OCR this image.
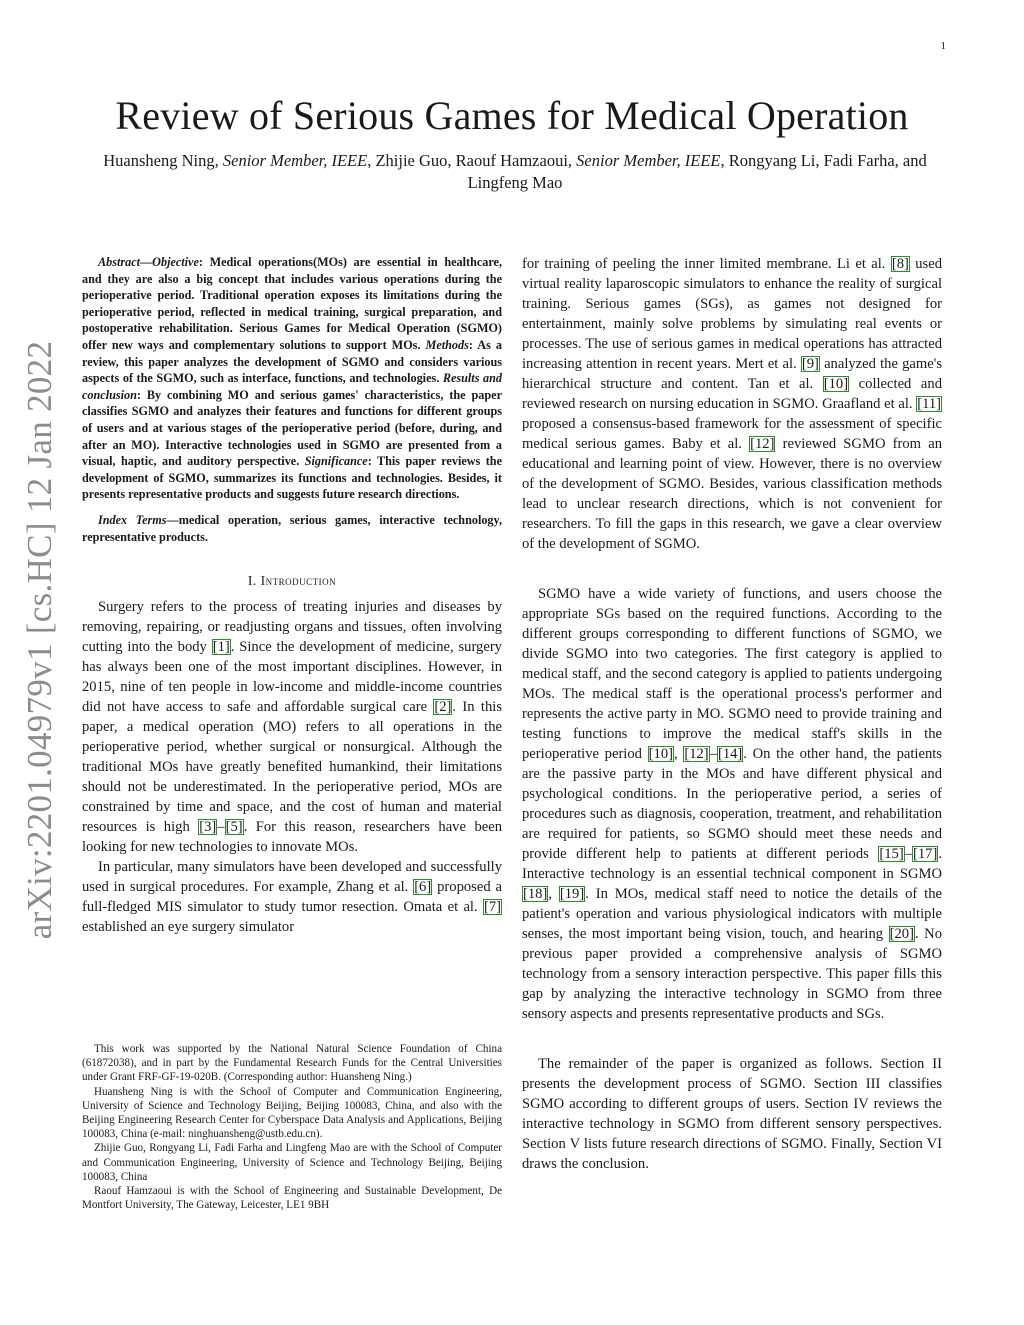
1
arXiv:2201.04979v1 [cs.HC] 12 Jan 2022
Review of Serious Games for Medical Operation

Huansheng Ning, Senior Member, IEEE, Zhijie Guo, Raouf Hamzaoui, Senior Member, IEEE, Rongyang Li, Fadi Farha, and Lingfeng Mao

Abstract—Objective: Medical operations(MOs) are essential in healthcare, and they are also a big concept that includes various operations during the perioperative period. Traditional operation exposes its limitations during the perioperative period, reflected in medical training, surgical preparation, and postoperative rehabilitation. Serious Games for Medical Operation (SGMO) offer new ways and complementary solutions to support MOs. Methods: As a review, this paper analyzes the development of SGMO and considers various aspects of the SGMO, such as interface, functions, and technologies. Results and conclusion: By combining MO and serious games' characteristics, the paper classifies SGMO and analyzes their features and functions for different groups of users and at various stages of the perioperative period (before, during, and after an MO). Interactive technologies used in SGMO are presented from a visual, haptic, and auditory perspective. Significance: This paper reviews the development of SGMO, summarizes its functions and technologies. Besides, it presents representative products and suggests future research directions.

Index Terms—medical operation, serious games, interactive technology, representative products.

I. Introduction

Surgery refers to the process of treating injuries and diseases by removing, repairing, or readjusting organs and tissues, often involving cutting into the body [1]. Since the development of medicine, surgery has always been one of the most important disciplines. However, in 2015, nine of ten people in low-income and middle-income countries did not have access to safe and affordable surgical care [2]. In this paper, a medical operation (MO) refers to all operations in the perioperative period, whether surgical or nonsurgical. Although the traditional MOs have greatly benefited humankind, their limitations should not be underestimated. In the perioperative period, MOs are constrained by time and space, and the cost of human and material resources is high [3]–[5]. For this reason, researchers have been looking for new technologies to innovate MOs.

In particular, many simulators have been developed and successfully used in surgical procedures. For example, Zhang et al. [6] proposed a full-fledged MIS simulator to study tumor resection. Omata et al. [7] established an eye surgery simulator

This work was supported by the National Natural Science Foundation of China (61872038), and in part by the Fundamental Research Funds for the Central Universities under Grant FRF-GF-19-020B. (Corresponding author: Huansheng Ning.)

Huansheng Ning is with the School of Computer and Communication Engineering, University of Science and Technology Beijing, Beijing 100083, China, and also with the Beijing Engineering Research Center for Cyberspace Data Analysis and Applications, Beijing 100083, China (e-mail: ninghuansheng@ustb.edu.cn).

Zhijie Guo, Rongyang Li, Fadi Farha and Lingfeng Mao are with the School of Computer and Communication Engineering, University of Science and Technology Beijing, Beijing 100083, China

Raouf Hamzaoui is with the School of Engineering and Sustainable Development, De Montfort University, The Gateway, Leicester, LE1 9BH

for training of peeling the inner limited membrane. Li et al. [8] used virtual reality laparoscopic simulators to enhance the reality of surgical training. Serious games (SGs), as games not designed for entertainment, mainly solve problems by simulating real events or processes. The use of serious games in medical operations has attracted increasing attention in recent years. Mert et al. [9] analyzed the game's hierarchical structure and content. Tan et al. [10] collected and reviewed research on nursing education in SGMO. Graafland et al. [11] proposed a consensus-based framework for the assessment of specific medical serious games. Baby et al. [12] reviewed SGMO from an educational and learning point of view. However, there is no overview of the development of SGMO. Besides, various classification methods lead to unclear research directions, which is not convenient for researchers. To fill the gaps in this research, we gave a clear overview of the development of SGMO.

SGMO have a wide variety of functions, and users choose the appropriate SGs based on the required functions. According to the different groups corresponding to different functions of SGMO, we divide SGMO into two categories. The first category is applied to medical staff, and the second category is applied to patients undergoing MOs. The medical staff is the operational process's performer and represents the active party in MO. SGMO need to provide training and testing functions to improve the medical staff's skills in the perioperative period [10], [12]–[14]. On the other hand, the patients are the passive party in the MOs and have different physical and psychological conditions. In the perioperative period, a series of procedures such as diagnosis, cooperation, treatment, and rehabilitation are required for patients, so SGMO should meet these needs and provide different help to patients at different periods [15]–[17]. Interactive technology is an essential technical component in SGMO [18], [19]. In MOs, medical staff need to notice the details of the patient's operation and various physiological indicators with multiple senses, the most important being vision, touch, and hearing [20]. No previous paper provided a comprehensive analysis of SGMO technology from a sensory interaction perspective. This paper fills this gap by analyzing the interactive technology in SGMO from three sensory aspects and presents representative products and SGs.

The remainder of the paper is organized as follows. Section II presents the development process of SGMO. Section III classifies SGMO according to different groups of users. Section IV reviews the interactive technology in SGMO from different sensory perspectives. Section V lists future research directions of SGMO. Finally, Section VI draws the conclusion.
